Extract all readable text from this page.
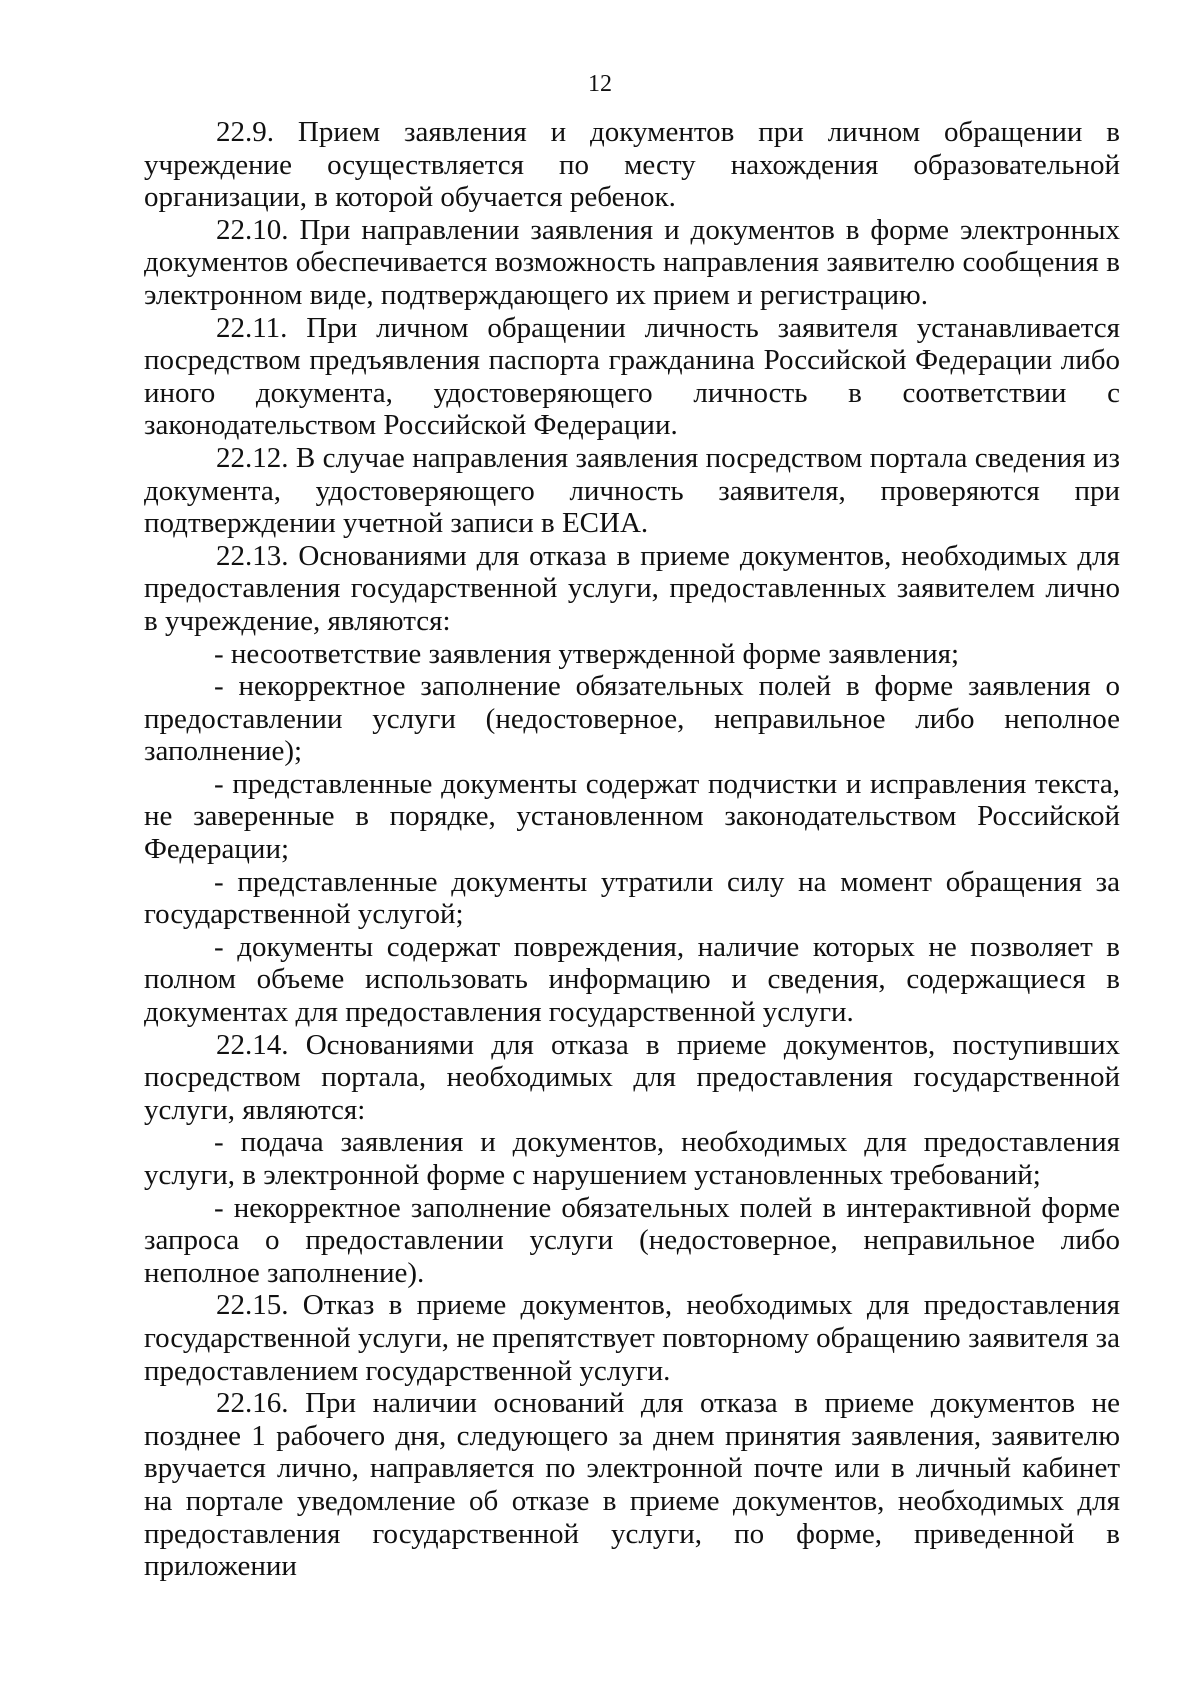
12

22.9. Прием заявления и документов при личном обращении в учреждение осуществляется по месту нахождения образовательной организации, в которой обучается ребенок.

22.10. При направлении заявления и документов в форме электронных документов обеспечивается возможность направления заявителю сообщения в электронном виде, подтверждающего их прием и регистрацию.

22.11. При личном обращении личность заявителя устанавливается посредством предъявления паспорта гражданина Российской Федерации либо иного документа, удостоверяющего личность в соответствии с законодательством Российской Федерации.

22.12. В случае направления заявления посредством портала сведения из документа, удостоверяющего личность заявителя, проверяются при подтверждении учетной записи в ЕСИА.

22.13. Основаниями для отказа в приеме документов, необходимых для предоставления государственной услуги, предоставленных заявителем лично в учреждение, являются:

- несоответствие заявления утвержденной форме заявления;

- некорректное заполнение обязательных полей в форме заявления о предоставлении услуги (недостоверное, неправильное либо неполное заполнение);

- представленные документы содержат подчистки и исправления текста, не заверенные в порядке, установленном законодательством Российской Федерации;

- представленные документы утратили силу на момент обращения за государственной услугой;

- документы содержат повреждения, наличие которых не позволяет в полном объеме использовать информацию и сведения, содержащиеся в документах для предоставления государственной услуги.

22.14. Основаниями для отказа в приеме документов, поступивших посредством портала, необходимых для предоставления государственной услуги, являются:

- подача заявления и документов, необходимых для предоставления услуги, в электронной форме с нарушением установленных требований;

- некорректное заполнение обязательных полей в интерактивной форме запроса о предоставлении услуги (недостоверное, неправильное либо неполное заполнение).

22.15. Отказ в приеме документов, необходимых для предоставления государственной услуги, не препятствует повторному обращению заявителя за предоставлением государственной услуги.

22.16. При наличии оснований для отказа в приеме документов не позднее 1 рабочего дня, следующего за днем принятия заявления, заявителю вручается лично, направляется по электронной почте или в личный кабинет на портале уведомление об отказе в приеме документов, необходимых для предоставления государственной услуги, по форме, приведенной в приложении
